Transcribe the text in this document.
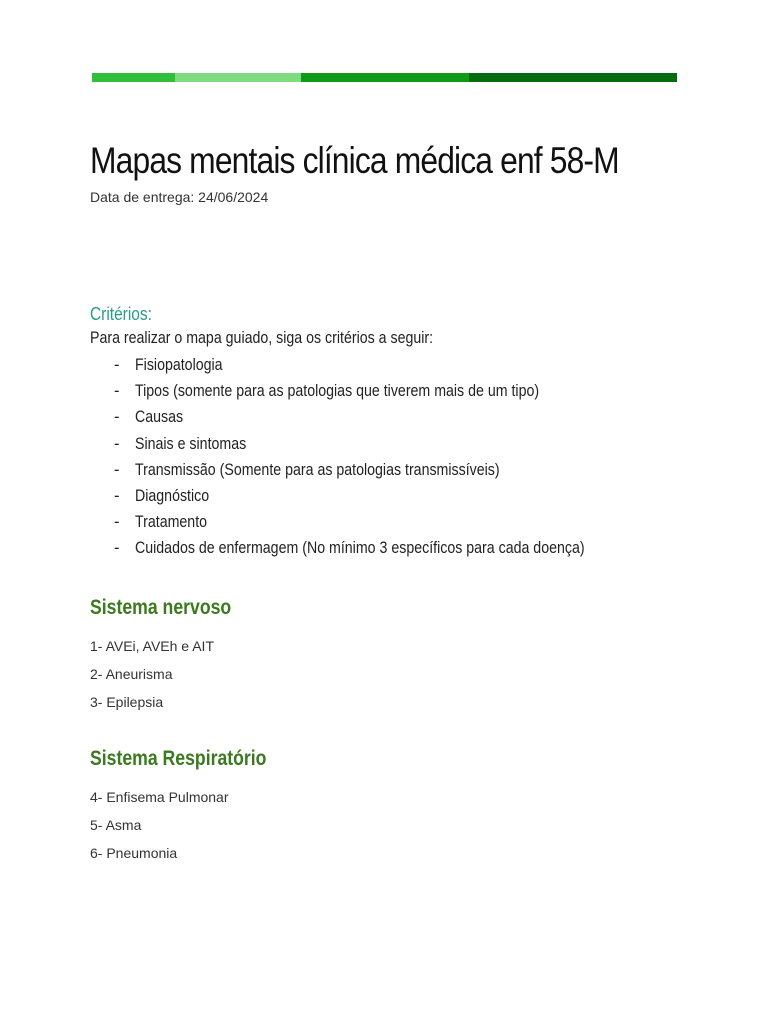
Mapas mentais clínica médica enf 58-M
Data de entrega: 24/06/2024
Critérios:
Para realizar o mapa guiado, siga os critérios a seguir:
- Fisiopatologia
- Tipos (somente para as patologias que tiverem mais de um tipo)
- Causas
- Sinais e sintomas
- Transmissão (Somente para as patologias transmissíveis)
- Diagnóstico
- Tratamento
- Cuidados de enfermagem (No mínimo 3 específicos para cada doença)
Sistema nervoso
1- AVEi, AVEh e AIT
2- Aneurisma
3- Epilepsia
Sistema Respiratório
4- Enfisema Pulmonar
5- Asma
6- Pneumonia
